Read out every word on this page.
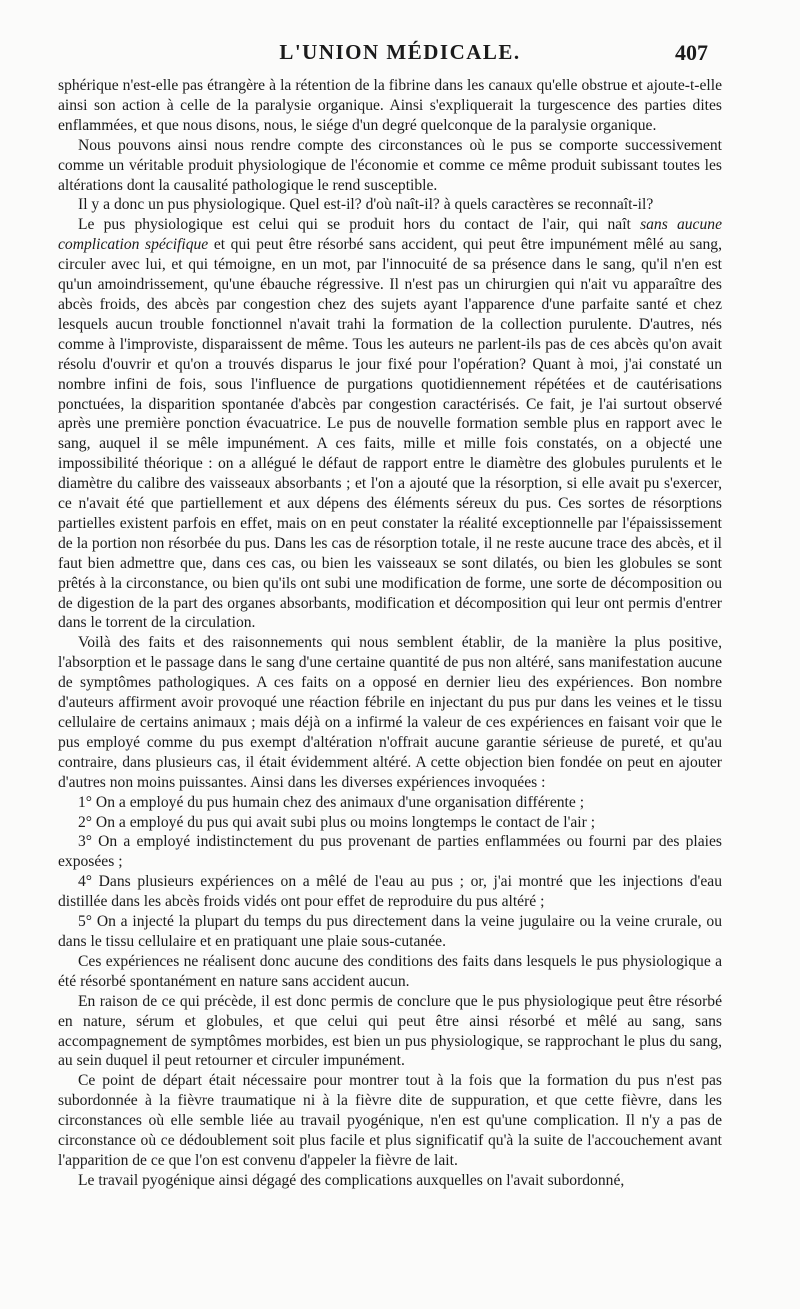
L'UNION MÉDICALE.	407

sphérique n'est-elle pas étrangère à la rétention de la fibrine dans les canaux qu'elle obstrue et ajoute-t-elle ainsi son action à celle de la paralysie organique. Ainsi s'expliquerait la turgescence des parties dites enflammées, et que nous disons, nous, le siége d'un degré quelconque de la paralysie organique.

Nous pouvons ainsi nous rendre compte des circonstances où le pus se comporte successivement comme un véritable produit physiologique de l'économie et comme ce même produit subissant toutes les altérations dont la causalité pathologique le rend susceptible.

Il y a donc un pus physiologique. Quel est-il? d'où naît-il? à quels caractères se reconnaît-il?

Le pus physiologique est celui qui se produit hors du contact de l'air, qui naît sans aucune complication spécifique et qui peut être résorbé sans accident, qui peut être impunément mêlé au sang, circuler avec lui, et qui témoigne, en un mot, par l'innocuité de sa présence dans le sang, qu'il n'en est qu'un amoindrissement, qu'une ébauche régressive. Il n'est pas un chirurgien qui n'ait vu apparaître des abcès froids, des abcès par congestion chez des sujets ayant l'apparence d'une parfaite santé et chez lesquels aucun trouble fonctionnel n'avait trahi la formation de la collection purulente. D'autres, nés comme à l'improviste, disparaissent de même. Tous les auteurs ne parlent-ils pas de ces abcès qu'on avait résolu d'ouvrir et qu'on a trouvés disparus le jour fixé pour l'opération? Quant à moi, j'ai constaté un nombre infini de fois, sous l'influence de purgations quotidiennement répétées et de cautérisations ponctuées, la disparition spontanée d'abcès par congestion caractérisés. Ce fait, je l'ai surtout observé après une première ponction évacuatrice. Le pus de nouvelle formation semble plus en rapport avec le sang, auquel il se mêle impunément. A ces faits, mille et mille fois constatés, on a objecté une impossibilité théorique : on a allégué le défaut de rapport entre le diamètre des globules purulents et le diamètre du calibre des vaisseaux absorbants ; et l'on a ajouté que la résorption, si elle avait pu s'exercer, ce n'avait été que partiellement et aux dépens des éléments séreux du pus. Ces sortes de résorptions partielles existent parfois en effet, mais on en peut constater la réalité exceptionnelle par l'épaississement de la portion non résorbée du pus. Dans les cas de résorption totale, il ne reste aucune trace des abcès, et il faut bien admettre que, dans ces cas, ou bien les vaisseaux se sont dilatés, ou bien les globules se sont prêtés à la circonstance, ou bien qu'ils ont subi une modification de forme, une sorte de décomposition ou de digestion de la part des organes absorbants, modification et décomposition qui leur ont permis d'entrer dans le torrent de la circulation.

Voilà des faits et des raisonnements qui nous semblent établir, de la manière la plus positive, l'absorption et le passage dans le sang d'une certaine quantité de pus non altéré, sans manifestation aucune de symptômes pathologiques. A ces faits on a opposé en dernier lieu des expériences. Bon nombre d'auteurs affirment avoir provoqué une réaction fébrile en injectant du pus pur dans les veines et le tissu cellulaire de certains animaux ; mais déjà on a infirmé la valeur de ces expériences en faisant voir que le pus employé comme du pus exempt d'altération n'offrait aucune garantie sérieuse de pureté, et qu'au contraire, dans plusieurs cas, il était évidemment altéré. A cette objection bien fondée on peut en ajouter d'autres non moins puissantes. Ainsi dans les diverses expériences invoquées :

1° On a employé du pus humain chez des animaux d'une organisation différente ;

2° On a employé du pus qui avait subi plus ou moins longtemps le contact de l'air ;

3° On a employé indistinctement du pus provenant de parties enflammées ou fourni par des plaies exposées ;

4° Dans plusieurs expériences on a mêlé de l'eau au pus ; or, j'ai montré que les injections d'eau distillée dans les abcès froids vidés ont pour effet de reproduire du pus altéré ;

5° On a injecté la plupart du temps du pus directement dans la veine jugulaire ou la veine crurale, ou dans le tissu cellulaire et en pratiquant une plaie sous-cutanée.

Ces expériences ne réalisent donc aucune des conditions des faits dans lesquels le pus physiologique a été résorbé spontanément en nature sans accident aucun.

En raison de ce qui précède, il est donc permis de conclure que le pus physiologique peut être résorbé en nature, sérum et globules, et que celui qui peut être ainsi résorbé et mêlé au sang, sans accompagnement de symptômes morbides, est bien un pus physiologique, se rapprochant le plus du sang, au sein duquel il peut retourner et circuler impunément.

Ce point de départ était nécessaire pour montrer tout à la fois que la formation du pus n'est pas subordonnée à la fièvre traumatique ni à la fièvre dite de suppuration, et que cette fièvre, dans les circonstances où elle semble liée au travail pyogénique, n'en est qu'une complication. Il n'y a pas de circonstance où ce dédoublement soit plus facile et plus significatif qu'à la suite de l'accouchement avant l'apparition de ce que l'on est convenu d'appeler la fièvre de lait.

Le travail pyogénique ainsi dégagé des complications auxquelles on l'avait subordonné,
